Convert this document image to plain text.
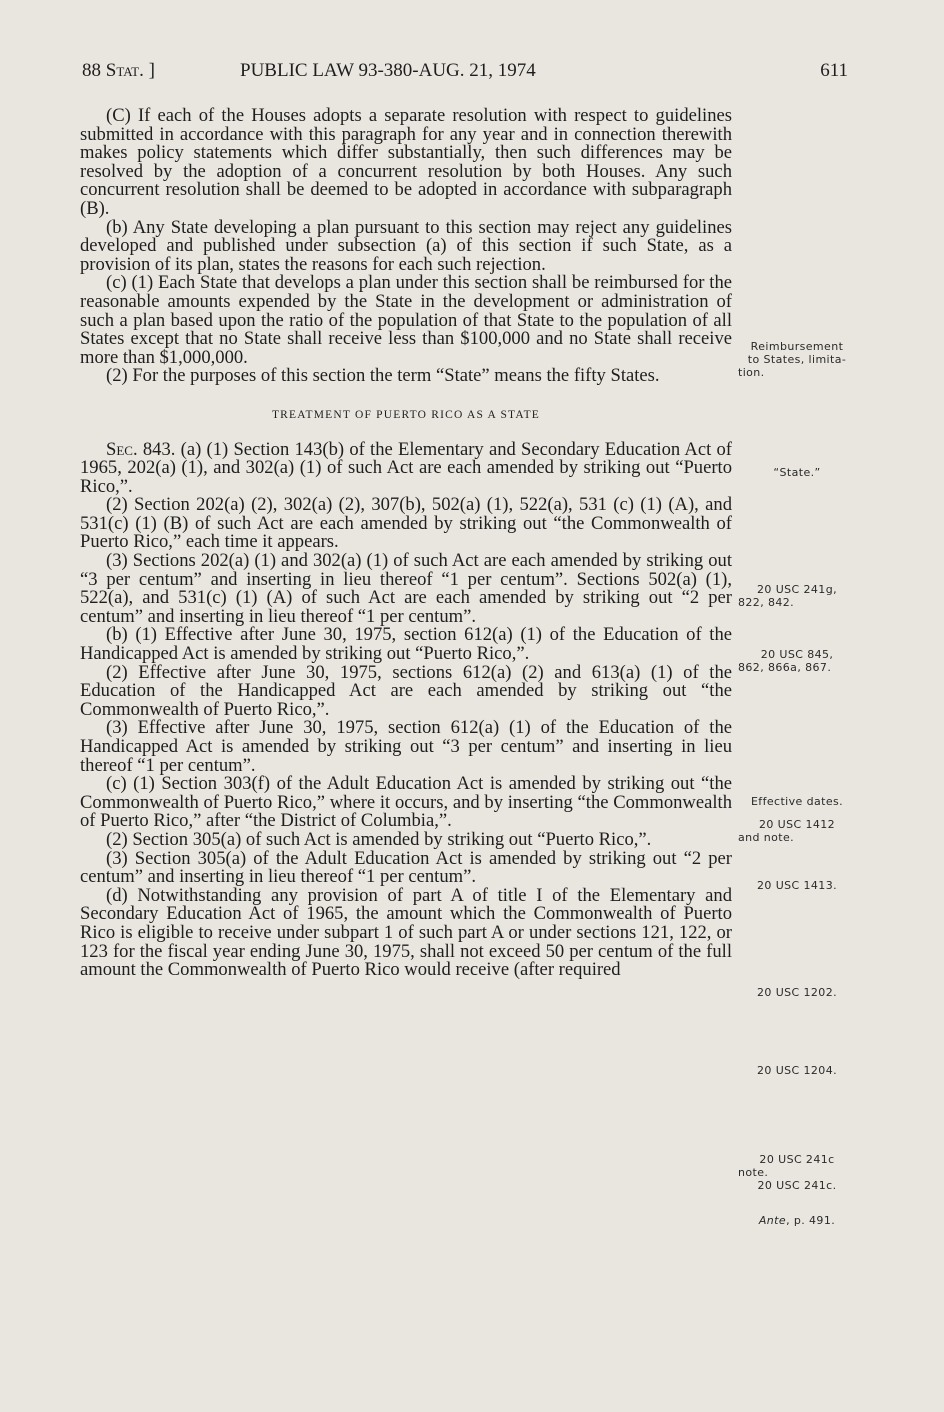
88 Stat. ]	PUBLIC LAW 93-380-AUG. 21, 1974	611

(C) If each of the Houses adopts a separate resolution with respect to guidelines submitted in accordance with this paragraph for any year and in connection therewith makes policy statements which differ substantially, then such differences may be resolved by the adoption of a concurrent resolution by both Houses. Any such concurrent resolution shall be deemed to be adopted in accordance with subparagraph (B).

(b) Any State developing a plan pursuant to this section may reject any guidelines developed and published under subsection (a) of this section if such State, as a provision of its plan, states the reasons for each such rejection.

(c) (1) Each State that develops a plan under this section shall be reimbursed for the reasonable amounts expended by the State in the development or administration of such a plan based upon the ratio of the population of that State to the population of all States except that no State shall receive less than $100,000 and no State shall receive more than $1,000,000.

(2) For the purposes of this section the term “State” means the fifty States.

TREATMENT OF PUERTO RICO AS A STATE

Sec. 843. (a) (1) Section 143(b) of the Elementary and Secondary Education Act of 1965, 202(a) (1), and 302(a) (1) of such Act are each amended by striking out “Puerto Rico,”.

(2) Section 202(a) (2), 302(a) (2), 307(b), 502(a) (1), 522(a), 531 (c) (1) (A), and 531(c) (1) (B) of such Act are each amended by striking out “the Commonwealth of Puerto Rico,” each time it appears.

(3) Sections 202(a) (1) and 302(a) (1) of such Act are each amended by striking out “3 per centum” and inserting in lieu thereof “1 per centum”. Sections 502(a) (1), 522(a), and 531(c) (1) (A) of such Act are each amended by striking out “2 per centum” and inserting in lieu thereof “1 per centum”.

(b) (1) Effective after June 30, 1975, section 612(a) (1) of the Education of the Handicapped Act is amended by striking out “Puerto Rico,”.

(2) Effective after June 30, 1975, sections 612(a) (2) and 613(a) (1) of the Education of the Handicapped Act are each amended by striking out “the Commonwealth of Puerto Rico,”.

(3) Effective after June 30, 1975, section 612(a) (1) of the Education of the Handicapped Act is amended by striking out “3 per centum” and inserting in lieu thereof “1 per centum”.

(c) (1) Section 303(f) of the Adult Education Act is amended by striking out “the Commonwealth of Puerto Rico,” where it occurs, and by inserting “the Commonwealth of Puerto Rico,” after “the District of Columbia,”.

(2) Section 305(a) of such Act is amended by striking out “Puerto Rico,”.

(3) Section 305(a) of the Adult Education Act is amended by striking out “2 per centum” and inserting in lieu thereof “1 per centum”.

(d) Notwithstanding any provision of part A of title I of the Elementary and Secondary Education Act of 1965, the amount which the Commonwealth of Puerto Rico is eligible to receive under subpart 1 of such part A or under sections 121, 122, or 123 for the fiscal year ending June 30, 1975, shall not exceed 50 per centum of the full amount the Commonwealth of Puerto Rico would receive (after required

Reimbursement
to States, limita-
tion.
“State.”
20 USC 241g,
822, 842.
20 USC 845,
862, 866a, 867.
Effective dates.
20 USC 1412
and note.
20 USC 1413.
20 USC 1202.
20 USC 1204.
20 USC 241c
note.
20 USC 241c.
Ante, p. 491.
